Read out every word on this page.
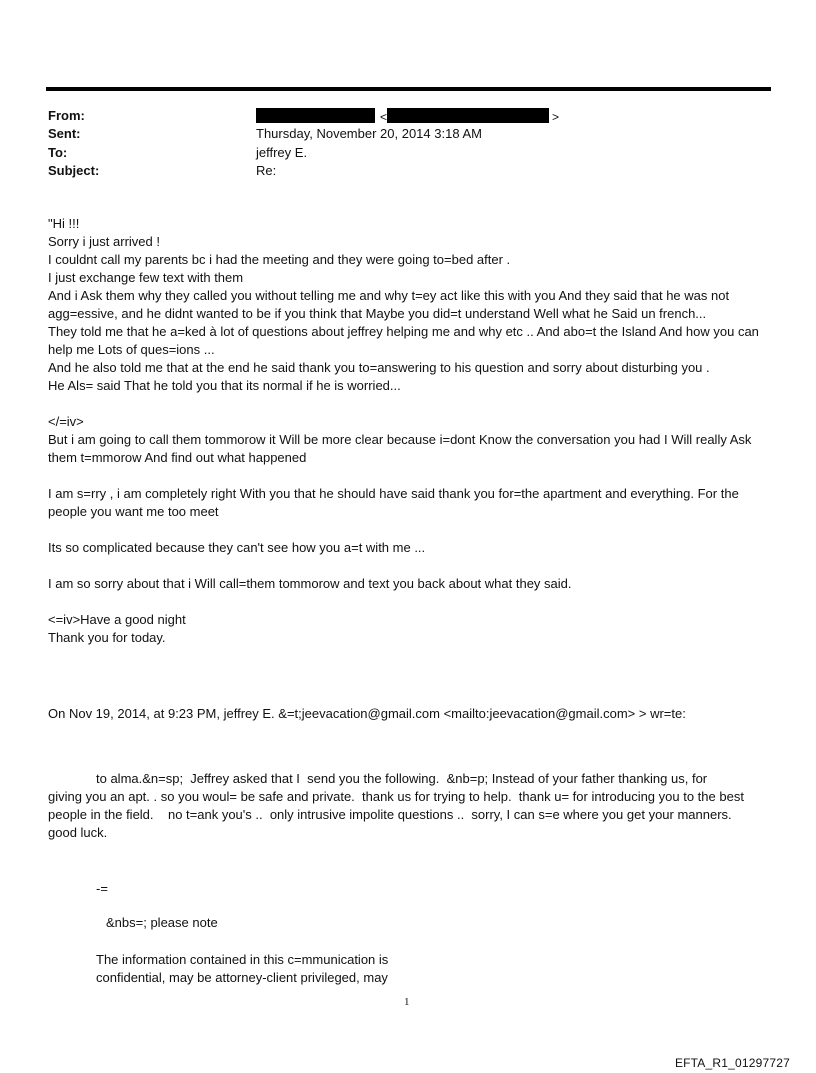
From:	<	>
Sent:	Thursday, November 20, 2014 3:18 AM
To:	jeffrey E.
Subject:	Re:

"Hi !!!

Sorry i just arrived !

I couldnt call my parents bc i had the meeting and they were going to=bed after .

I just exchange few text with them

And i Ask them why they called you without telling me and why t=ey act like this with you And they said that he was not agg=essive, and he didnt wanted to be if you think that Maybe you did=t understand Well what he Said un french...

They told me that he a=ked à lot of questions about jeffrey helping me and why etc .. And abo=t the Island And how you can help me Lots of ques=ions ...

And he also told me that at the end he said thank you to=answering to his question and sorry about disturbing you .

He Als= said That he told you that its normal if he is worried...

</=iv>

But i am going to call them tommorow it Will be more clear because i=dont Know the conversation you had I Will really Ask them t=mmorow And find out what happened

I am s=rry , i am completely right With you that he should have said thank you for=the apartment and everything. For the people you want me too meet

Its so complicated because they can't see how you a=t with me ...

I am so sorry about that i Will call=them tommorow and text you back about what they said.

<=iv>Have a good night

Thank you for today.

On Nov 19, 2014, at 9:23 PM, jeffrey E. &=t;jeevacation@gmail.com <mailto:jeevacation@gmail.com> > wr=te:

to alma.&n=sp;  Jeffrey asked that I  send you the following.  &nb=p; Instead of your father thanking us, for

giving you an apt. . so you woul= be safe and private.  thank us for trying to help.  thank u= for introducing you to the best people in the field.    no t=ank you's ..  only intrusive impolite questions ..  sorry, I can s=e where you get your manners.  good luck.

-=
&nbs=; please note
The information contained in this c=mmunication is
confidential, may be attorney-client privileged, may
1
EFTA_R1_01297727
